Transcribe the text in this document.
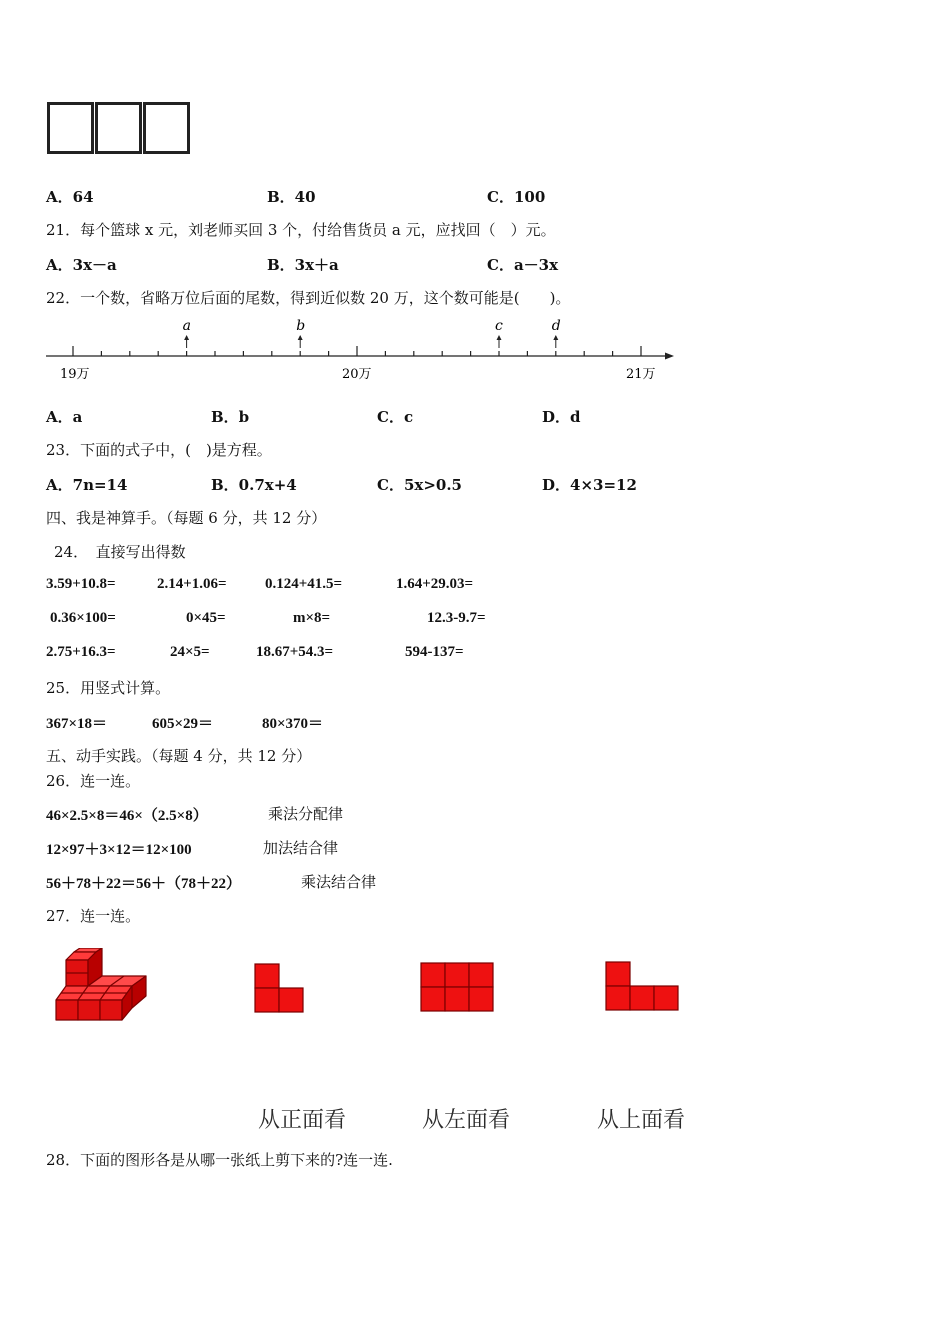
A．64	B．40	C．100
21．每个篮球 x 元，刘老师买回 3 个，付给售货员 a 元，应找回（　）元。
A．3x－a	B．3x＋a	C．a－3x
22．一个数，省略万位后面的尾数，得到近似数 20 万，这个数可能是(　　)。
a	b	c	d
19万	20万	21万
A．a	B．b	C．c	D．d
23．下面的式子中，(　)是方程。
A．7n=14	B．0.7x+4	C．5x>0.5	D．4×3=12
四、我是神算手。（每题 6 分，共 12 分）
24．　直接写出得数
3.59+10.8=	2.14+1.06=	0.124+41.5=	1.64+29.03=
0.36×100=	0×45=	m×8=	12.3-9.7=
2.75+16.3=	24×5=	18.67+54.3=	594-137=
25．用竖式计算。
367×18＝	605×29＝	80×370＝
五、动手实践。（每题 4 分，共 12 分）
26．连一连。
46×2.5×8＝46×（2.5×8）	乘法分配律
12×97＋3×12＝12×100	加法结合律
56＋78＋22＝56＋（78＋22）	乘法结合律
27．连一连。
从正面看	从左面看	从上面看
28．下面的图形各是从哪一张纸上剪下来的?连一连.
